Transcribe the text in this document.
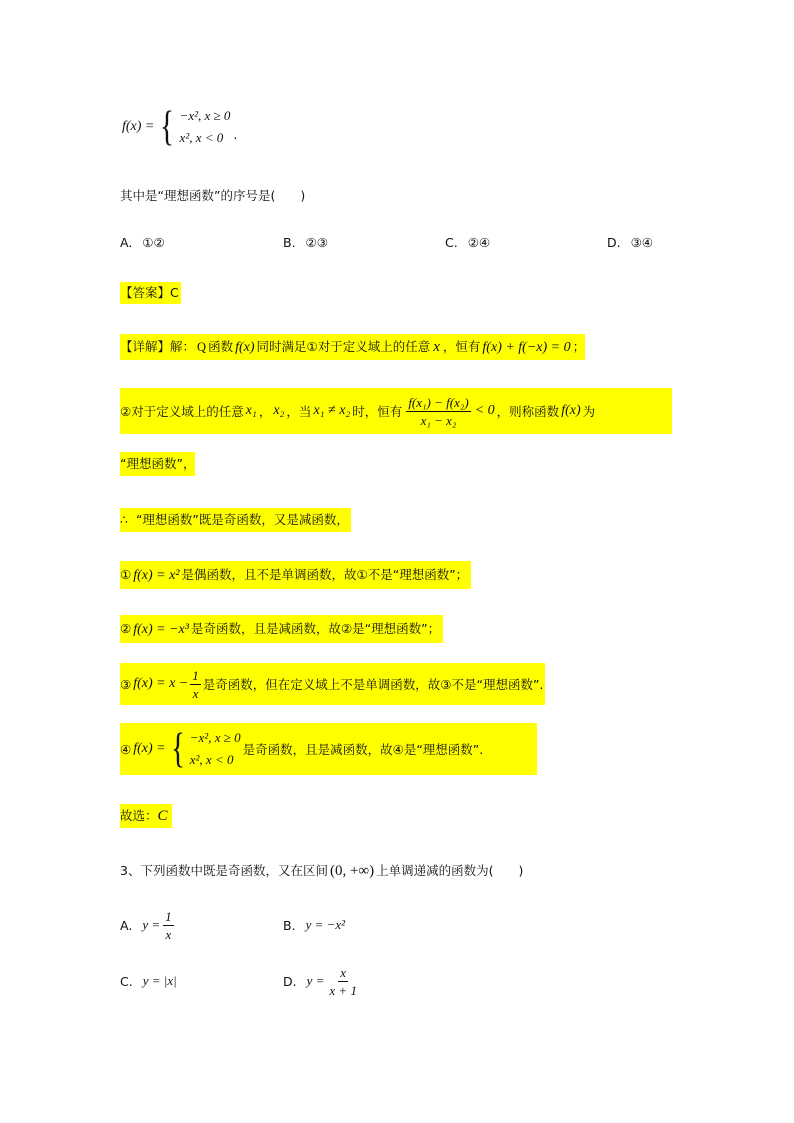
f(x) = { −x², x ≥ 0
x², x < 0 .
其中是“理想函数”的序号是(　　)
A. ①②	B. ②③	C. ②④	D. ③④
【答案】C
【详解】解： Q 函数 f(x) 同时满足①对于定义域上的任意 x ，恒有 f(x) + f(−x) = 0 ；
②对于定义域上的任意 x₁ ， x₂ ，当 x₁ ≠ x₂ 时，恒有 $\frac{\text{f(x₁) − f(x₂)}}{\text{x₁ − x₂}} < 0$ ，则称函数 f(x) 为
“理想函数”，
∴ “理想函数”既是奇函数，又是减函数，
① f(x) = x² 是偶函数，且不是单调函数，故①不是“理想函数”；
② f(x) = −x³ 是奇函数，且是减函数，故②是“理想函数”；
③ $f(x) = x - \frac{1}{x}$ 是奇函数，但在定义域上不是单调函数，故③不是“理想函数”.
④ f(x) = { −x², x ≥ 0
x², x < 0
是奇函数，且是减函数，故④是“理想函数”.
故选：C
3、下列函数中既是奇函数，又在区间 (0, +∞) 上单调递减的函数为(　　)
A. $y = \frac{1}{x}$	B. y = −x²
C. y = |x|	D. $y = \frac{x}{x + 1}$
